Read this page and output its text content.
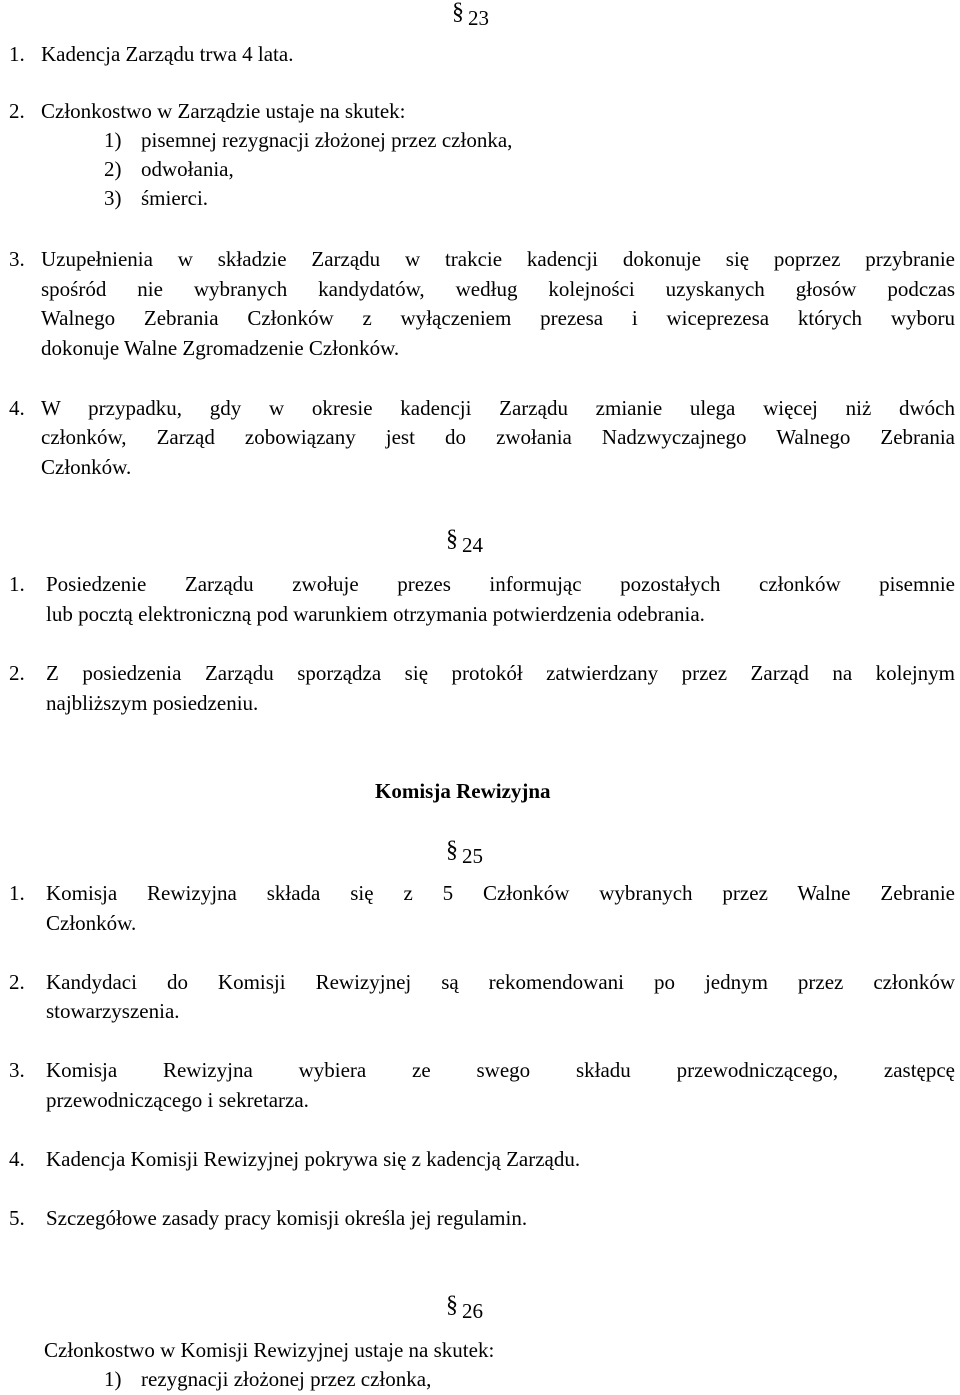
§ 23
1. Kadencja Zarządu trwa 4 lata.
2. Członkostwo w Zarządzie ustaje na skutek:
1) pisemnej rezygnacji złożonej przez członka,
2) odwołania,
3) śmierci.
3. Uzupełnienia w składzie Zarządu w trakcie kadencji dokonuje się poprzez przybranie
spośród nie wybranych kandydatów, według kolejności uzyskanych głosów podczas
Walnego Zebrania Członków z wyłączeniem prezesa i wiceprezesa których wyboru
dokonuje Walne Zgromadzenie Członków.
4. W przypadku, gdy w okresie kadencji Zarządu zmianie ulega więcej niż dwóch
członków, Zarząd zobowiązany jest do zwołania Nadzwyczajnego Walnego Zebrania
Członków.
§ 24
1. Posiedzenie Zarządu zwołuje prezes informując pozostałych członków pisemnie
lub pocztą elektroniczną pod warunkiem otrzymania potwierdzenia odebrania.
2. Z posiedzenia Zarządu sporządza się protokół zatwierdzany przez Zarząd na kolejnym
najbliższym posiedzeniu.
Komisja Rewizyjna
§ 25
1. Komisja Rewizyjna składa się z 5 Członków wybranych przez Walne Zebranie
Członków.
2. Kandydaci do Komisji Rewizyjnej są rekomendowani po jednym przez członków
stowarzyszenia.
3. Komisja Rewizyjna wybiera ze swego składu przewodniczącego, zastępcę
przewodniczącego i sekretarza.
4. Kadencja Komisji Rewizyjnej pokrywa się z kadencją Zarządu.
5. Szczegółowe zasady pracy komisji określa jej regulamin.
§ 26
Członkostwo w Komisji Rewizyjnej ustaje na skutek:
1) rezygnacji złożonej przez członka,
